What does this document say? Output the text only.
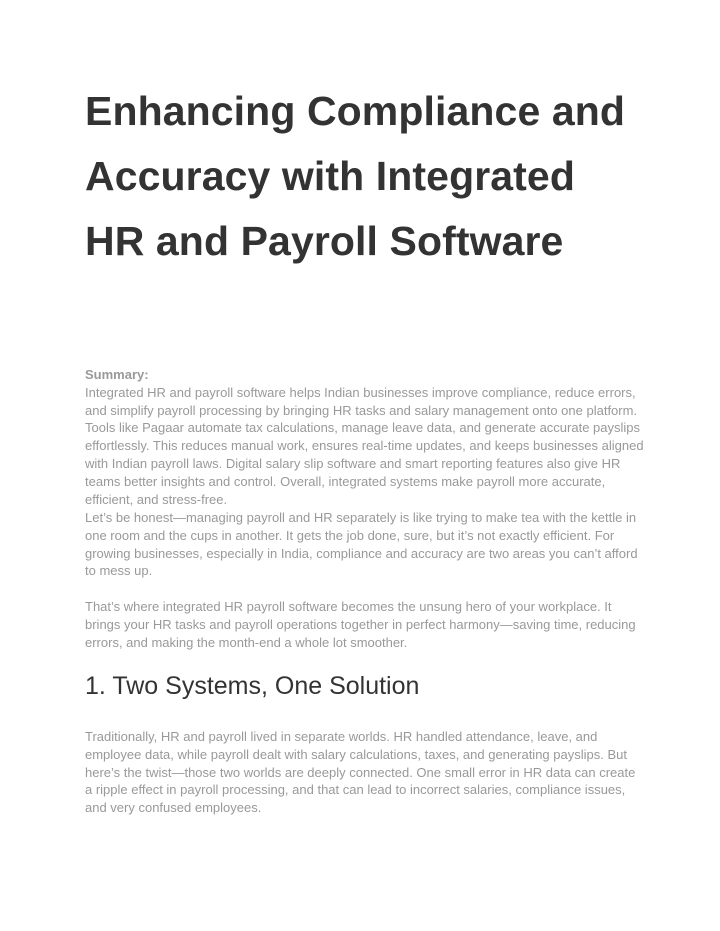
Enhancing Compliance and Accuracy with Integrated HR and Payroll Software
Summary:
Integrated HR and payroll software helps Indian businesses improve compliance, reduce errors, and simplify payroll processing by bringing HR tasks and salary management onto one platform. Tools like Pagaar automate tax calculations, manage leave data, and generate accurate payslips effortlessly. This reduces manual work, ensures real-time updates, and keeps businesses aligned with Indian payroll laws. Digital salary slip software and smart reporting features also give HR teams better insights and control. Overall, integrated systems make payroll more accurate, efficient, and stress-free.

Let’s be honest—managing payroll and HR separately is like trying to make tea with the kettle in one room and the cups in another. It gets the job done, sure, but it’s not exactly efficient. For growing businesses, especially in India, compliance and accuracy are two areas you can’t afford to mess up.

That’s where integrated HR payroll software becomes the unsung hero of your workplace. It brings your HR tasks and payroll operations together in perfect harmony—saving time, reducing errors, and making the month-end a whole lot smoother.

1. Two Systems, One Solution

Traditionally, HR and payroll lived in separate worlds. HR handled attendance, leave, and employee data, while payroll dealt with salary calculations, taxes, and generating payslips. But here’s the twist—those two worlds are deeply connected. One small error in HR data can create a ripple effect in payroll processing, and that can lead to incorrect salaries, compliance issues, and very confused employees.
